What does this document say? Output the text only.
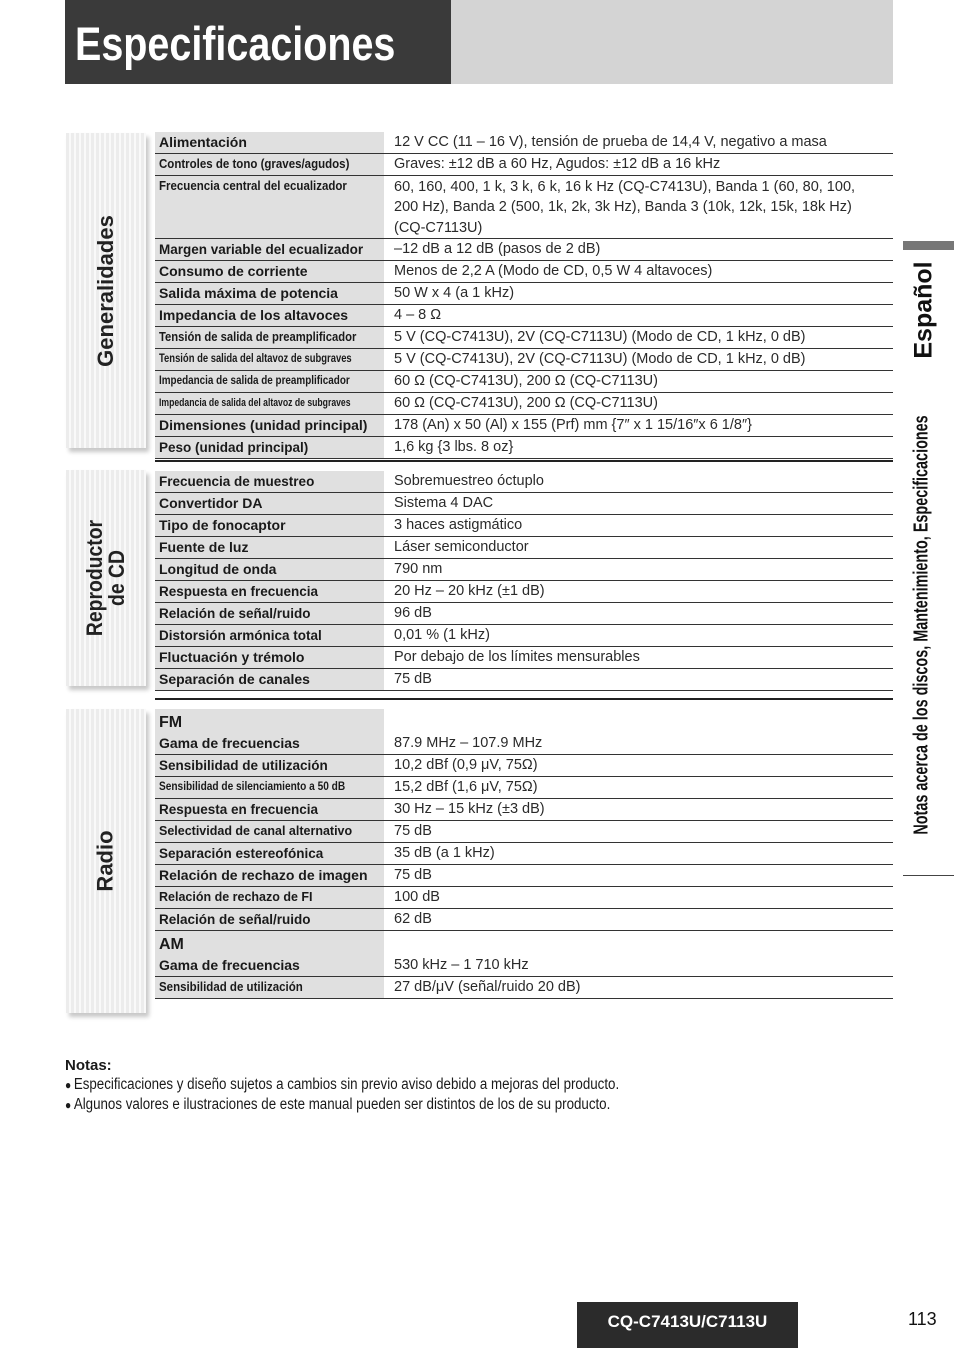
Especificaciones
Generalidades
Reproductor de CD
Radio
Alimentación	12 V CC (11 – 16 V), tensión de prueba de 14,4 V, negativo a masa
Controles de tono (graves/agudos)	Graves: ±12 dB a 60 Hz, Agudos: ±12 dB a 16 kHz
Frecuencia central del ecualizador	60, 160, 400, 1 k, 3 k, 6 k, 16 k Hz (CQ-C7413U), Banda 1 (60, 80, 100, 200 Hz), Banda 2 (500, 1k, 2k, 3k Hz), Banda 3 (10k, 12k, 15k, 18k Hz) (CQ-C7113U)
Margen variable del ecualizador	–12 dB a 12 dB (pasos de 2 dB)
Consumo de corriente	Menos de 2,2 A (Modo de CD, 0,5 W 4 altavoces)
Salida máxima de potencia	50 W x 4 (a 1 kHz)
Impedancia de los altavoces	4 – 8 Ω
Tensión de salida de preamplificador	5 V (CQ-C7413U), 2V (CQ-C7113U) (Modo de CD, 1 kHz, 0 dB)
Tensión de salida del altavoz de subgraves	5 V (CQ-C7413U), 2V (CQ-C7113U) (Modo de CD, 1 kHz, 0 dB)
Impedancia de salida de preamplificador	60 Ω (CQ-C7413U), 200 Ω (CQ-C7113U)
Impedancia de salida del altavoz de subgraves	60 Ω (CQ-C7413U), 200 Ω (CQ-C7113U)
Dimensiones (unidad principal)	178 (An) x 50 (Al) x 155 (Prf) mm {7″ x 1 15/16″x 6 1/8″}
Peso (unidad principal)	1,6 kg {3 lbs. 8 oz}
Frecuencia de muestreo	Sobremuestreo óctuplo
Convertidor DA	Sistema 4 DAC
Tipo de fonocaptor	3 haces astigmático
Fuente de luz	Láser semiconductor
Longitud de onda	790 nm
Respuesta en frecuencia	20 Hz – 20 kHz (±1 dB)
Relación de señal/ruido	96 dB
Distorsión armónica total	0,01 % (1 kHz)
Fluctuación y trémolo	Por debajo de los límites mensurables
Separación de canales	75 dB
FM
Gama de frecuencias	87.9 MHz – 107.9 MHz
Sensibilidad de utilización	10,2 dBf (0,9 μV, 75Ω)
Sensibilidad de silenciamiento a 50 dB	15,2 dBf (1,6 μV, 75Ω)
Respuesta en frecuencia	30 Hz – 15 kHz (±3 dB)
Selectividad de canal alternativo	75 dB
Separación estereofónica	35 dB (a 1 kHz)
Relación de rechazo de imagen	75 dB
Relación de rechazo de FI	100 dB
Relación de señal/ruido	62 dB
AM
Gama de frecuencias	530 kHz – 1 710 kHz
Sensibilidad de utilización	27 dB/μV (señal/ruido 20 dB)
Español
Notas acerca de los discos, Mantenimiento, Especificaciones
Notas:
● Especificaciones y diseño sujetos a cambios sin previo aviso debido a mejoras del producto.
● Algunos valores e ilustraciones de este manual pueden ser distintos de los de su producto.
CQ-C7413U/C7113U	113
